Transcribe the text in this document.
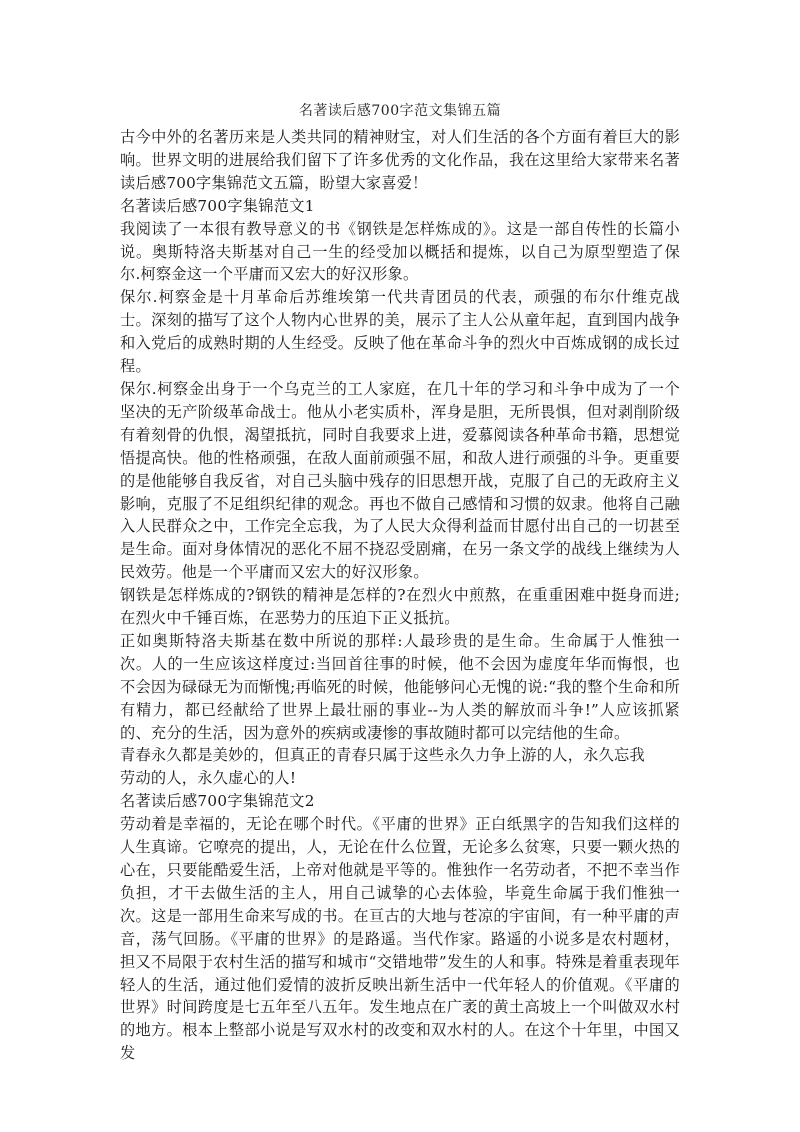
名著读后感700字范文集锦五篇

古今中外的名著历来是人类共同的精神财宝，对人们生活的各个方面有着巨大的影响。世界文明的进展给我们留下了许多优秀的文化作品，我在这里给大家带来名著读后感700字集锦范文五篇，盼望大家喜爱！

名著读后感700字集锦范文1

我阅读了一本很有教导意义的书《钢铁是怎样炼成的》。这是一部自传性的长篇小说。奥斯特洛夫斯基对自己一生的经受加以概括和提炼，以自己为原型塑造了保尔.柯察金这一个平庸而又宏大的好汉形象。

保尔.柯察金是十月革命后苏维埃第一代共青团员的代表，顽强的布尔什维克战士。深刻的描写了这个人物内心世界的美，展示了主人公从童年起，直到国内战争和入党后的成熟时期的人生经受。反映了他在革命斗争的烈火中百炼成钢的成长过程。

保尔.柯察金出身于一个乌克兰的工人家庭，在几十年的学习和斗争中成为了一个坚决的无产阶级革命战士。他从小老实质朴，浑身是胆，无所畏惧，但对剥削阶级有着刻骨的仇恨，渴望抵抗，同时自我要求上进，爱慕阅读各种革命书籍，思想觉悟提高快。他的性格顽强，在敌人面前顽强不屈，和敌人进行顽强的斗争。更重要的是他能够自我反省，对自己头脑中残存的旧思想开战，克服了自己的无政府主义影响，克服了不足组织纪律的观念。再也不做自己感情和习惯的奴隶。他将自己融入人民群众之中，工作完全忘我，为了人民大众得利益而甘愿付出自己的一切甚至是生命。面对身体情况的恶化不屈不挠忍受剧痛，在另一条文学的战线上继续为人民效劳。他是一个平庸而又宏大的好汉形象。

钢铁是怎样炼成的?钢铁的精神是怎样的?在烈火中煎熬，在重重困难中挺身而进;在烈火中千锤百炼，在恶势力的压迫下正义抵抗。

正如奥斯特洛夫斯基在数中所说的那样:人最珍贵的是生命。生命属于人惟独一次。人的一生应该这样度过:当回首往事的时候，他不会因为虚度年华而悔恨，也不会因为碌碌无为而惭愧;再临死的时候，他能够问心无愧的说:“我的整个生命和所有精力，都已经献给了世界上最壮丽的事业--为人类的解放而斗争!”人应该抓紧的、充分的生活，因为意外的疾病或凄惨的事故随时都可以完结他的生命。

青春永久都是美妙的，但真正的青春只属于这些永久力争上游的人，永久忘我

劳动的人，永久虚心的人!

名著读后感700字集锦范文2

劳动着是幸福的，无论在哪个时代。《平庸的世界》正白纸黑字的告知我们这样的人生真谛。它嘹亮的提出，人，无论在什么位置，无论多么贫寒，只要一颗火热的心在，只要能酷爱生活，上帝对他就是平等的。惟独作一名劳动者，不把不幸当作负担，才干去做生活的主人，用自己诚挚的心去体验，毕竟生命属于我们惟独一次。这是一部用生命来写成的书。在亘古的大地与苍凉的宇宙间，有一种平庸的声音，荡气回肠。《平庸的世界》的是路遥。当代作家。路遥的小说多是农村题材，担又不局限于农村生活的描写和城市“交错地带”发生的人和事。特殊是着重表现年轻人的生活，通过他们爱情的波折反映出新生活中一代年轻人的价值观。《平庸的世界》时间跨度是七五年至八五年。发生地点在广袤的黄土高坡上一个叫做双水村的地方。根本上整部小说是写双水村的改变和双水村的人。在这个十年里，中国又发
